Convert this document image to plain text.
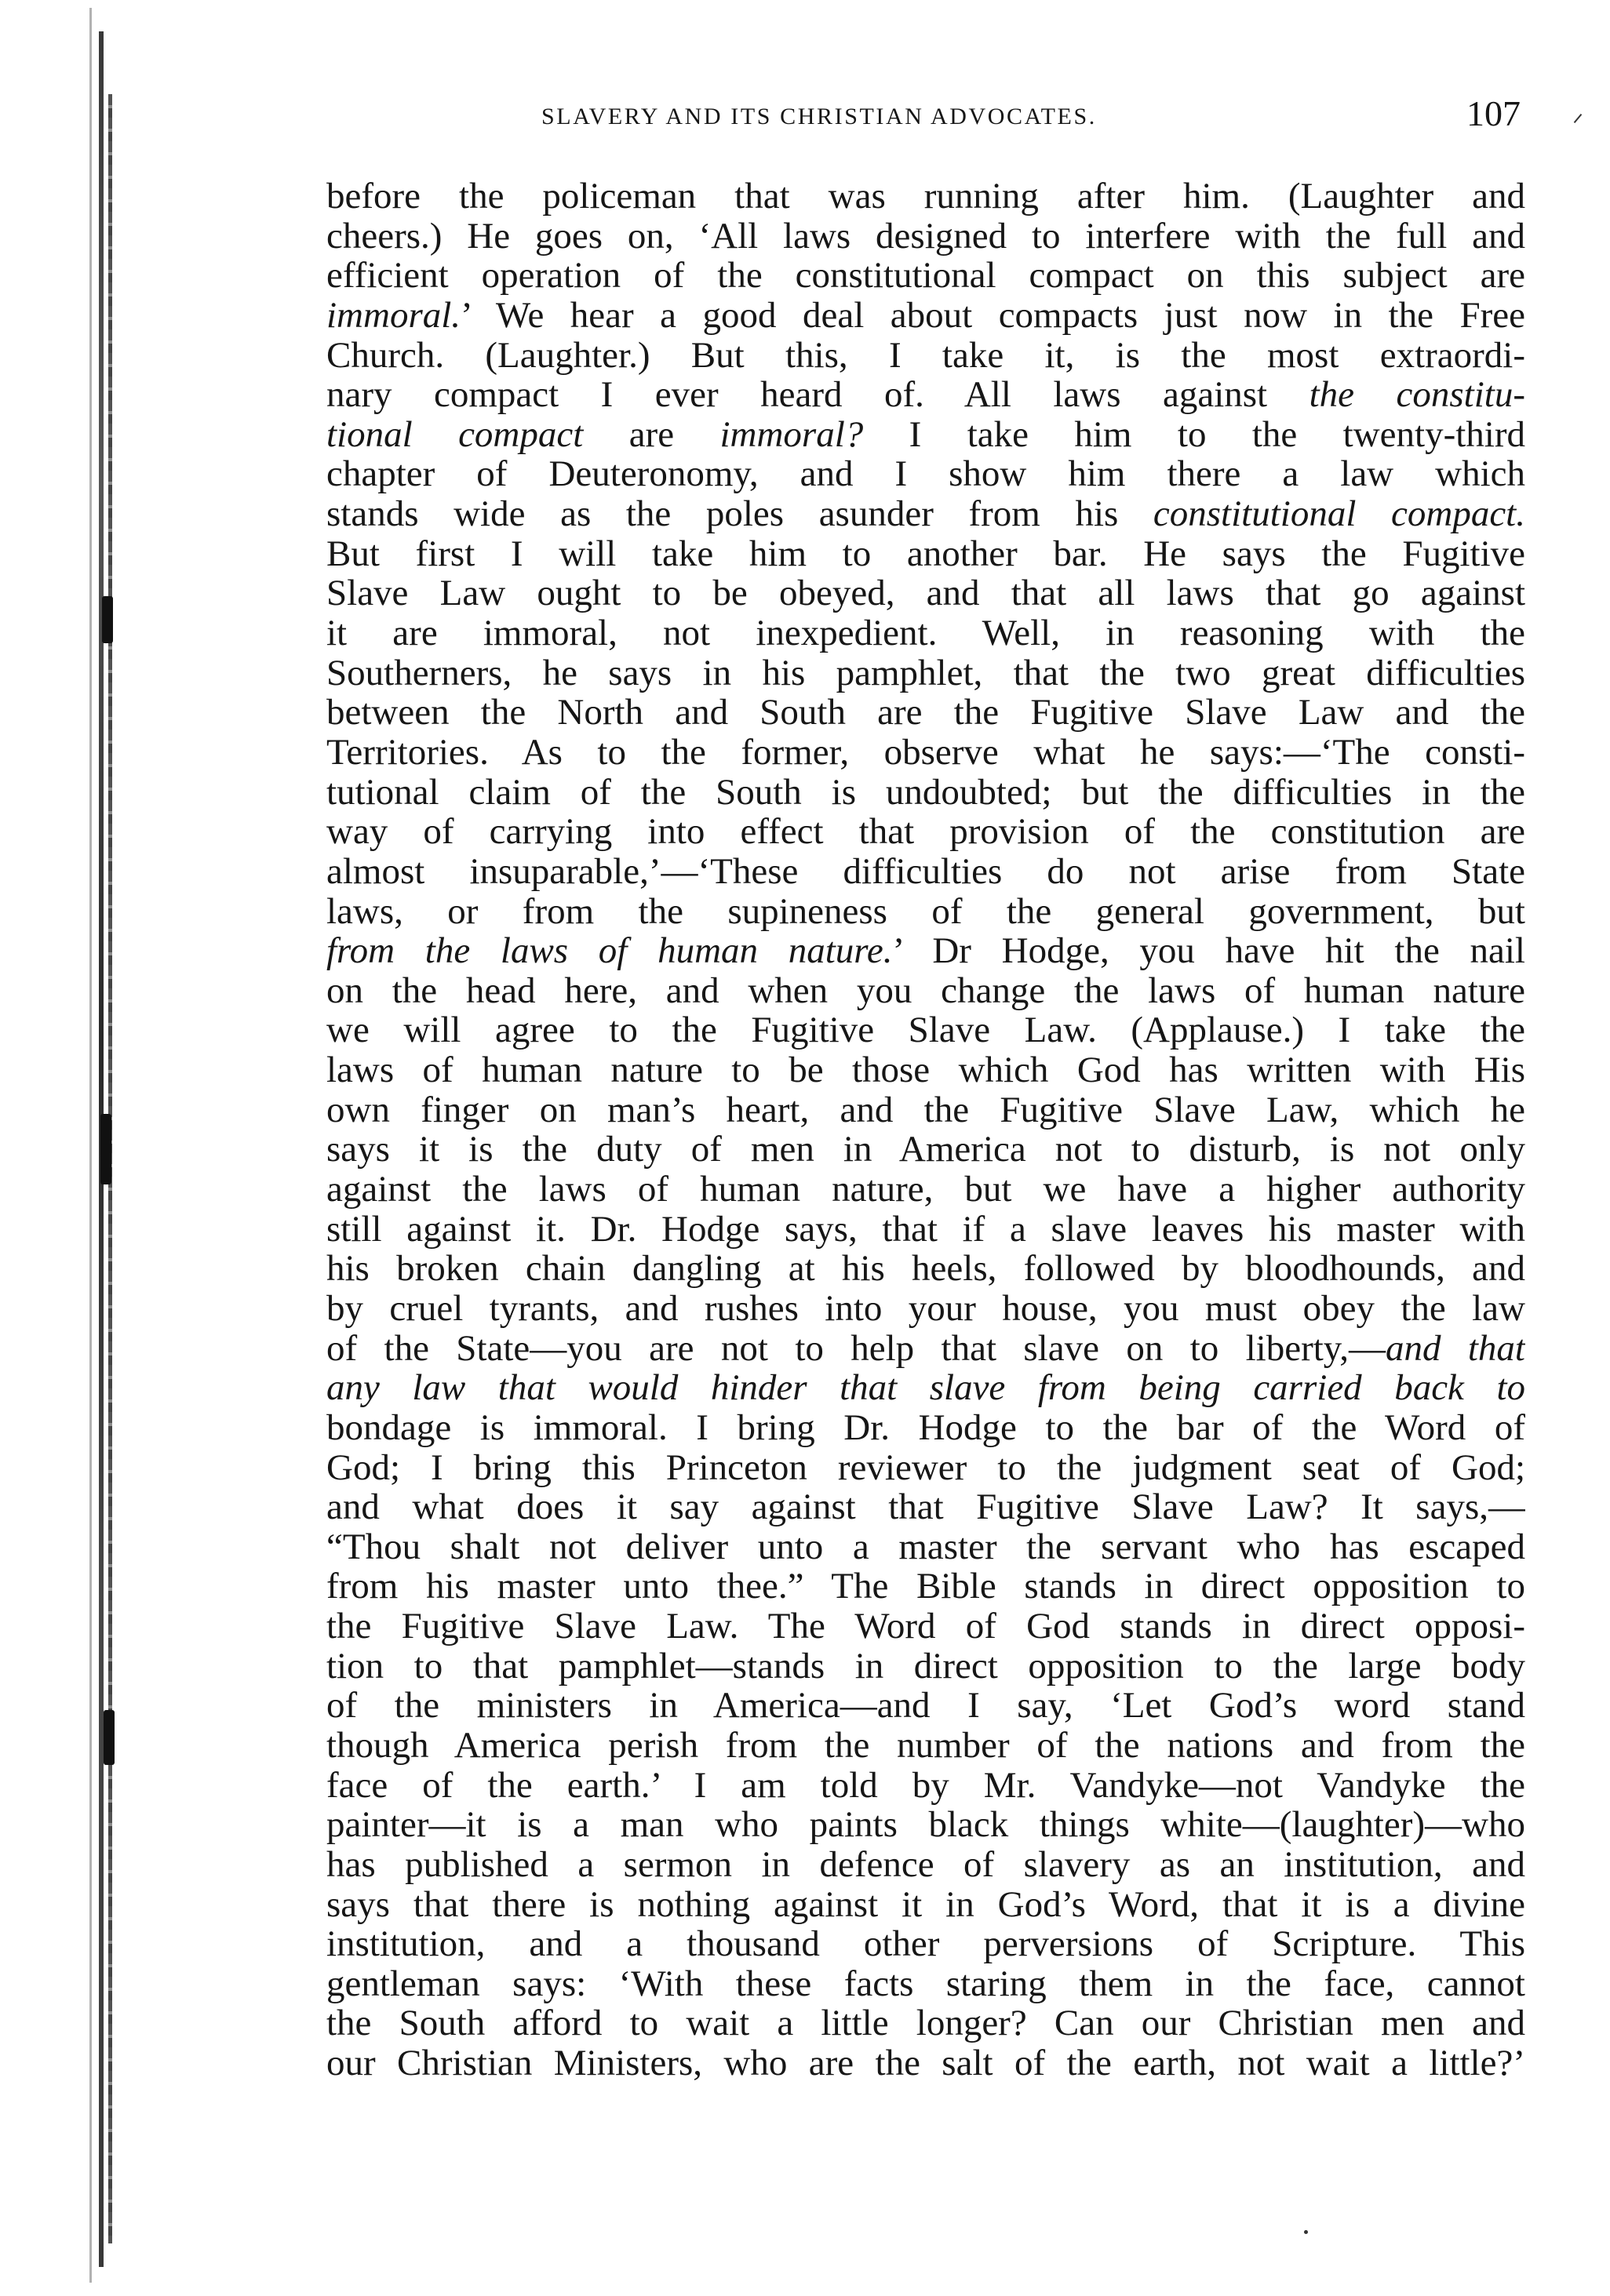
SLAVERY AND ITS CHRISTIAN ADVOCATES.	107
before the policeman that was running after him. (Laughter and
cheers.) He goes on, ‘All laws designed to interfere with the full and
efficient operation of the constitutional compact on this subject are
immoral.’ We hear a good deal about compacts just now in the Free
Church. (Laughter.) But this, I take it, is the most extraordi-
nary compact I ever heard of. All laws against the constitu-
tional compact are immoral? I take him to the twenty-third
chapter of Deuteronomy, and I show him there a law which
stands wide as the poles asunder from his constitutional compact.
But first I will take him to another bar. He says the Fugitive
Slave Law ought to be obeyed, and that all laws that go against
it are immoral, not inexpedient. Well, in reasoning with the
Southerners, he says in his pamphlet, that the two great difficulties
between the North and South are the Fugitive Slave Law and the
Territories. As to the former, observe what he says:—‘The consti-
tutional claim of the South is undoubted; but the difficulties in the
way of carrying into effect that provision of the constitution are
almost insuparable,’—‘These difficulties do not arise from State
laws, or from the supineness of the general government, but
from the laws of human nature.’ Dr Hodge, you have hit the nail
on the head here, and when you change the laws of human nature
we will agree to the Fugitive Slave Law. (Applause.) I take the
laws of human nature to be those which God has written with His
own finger on man’s heart, and the Fugitive Slave Law, which he
says it is the duty of men in America not to disturb, is not only
against the laws of human nature, but we have a higher authority
still against it. Dr. Hodge says, that if a slave leaves his master with
his broken chain dangling at his heels, followed by bloodhounds, and
by cruel tyrants, and rushes into your house, you must obey the law
of the State—you are not to help that slave on to liberty,—and that
any law that would hinder that slave from being carried back to
bondage is immoral. I bring Dr. Hodge to the bar of the Word of
God; I bring this Princeton reviewer to the judgment seat of God;
and what does it say against that Fugitive Slave Law? It says,—
“Thou shalt not deliver unto a master the servant who has escaped
from his master unto thee.” The Bible stands in direct opposition to
the Fugitive Slave Law. The Word of God stands in direct opposi-
tion to that pamphlet—stands in direct opposition to the large body
of the ministers in America—and I say, ‘Let God’s word stand
though America perish from the number of the nations and from the
face of the earth.’ I am told by Mr. Vandyke—not Vandyke the
painter—it is a man who paints black things white—(laughter)—who
has published a sermon in defence of slavery as an institution, and
says that there is nothing against it in God’s Word, that it is a divine
institution, and a thousand other perversions of Scripture. This
gentleman says: ‘With these facts staring them in the face, cannot
the South afford to wait a little longer? Can our Christian men and
our Christian Ministers, who are the salt of the earth, not wait a little?’
